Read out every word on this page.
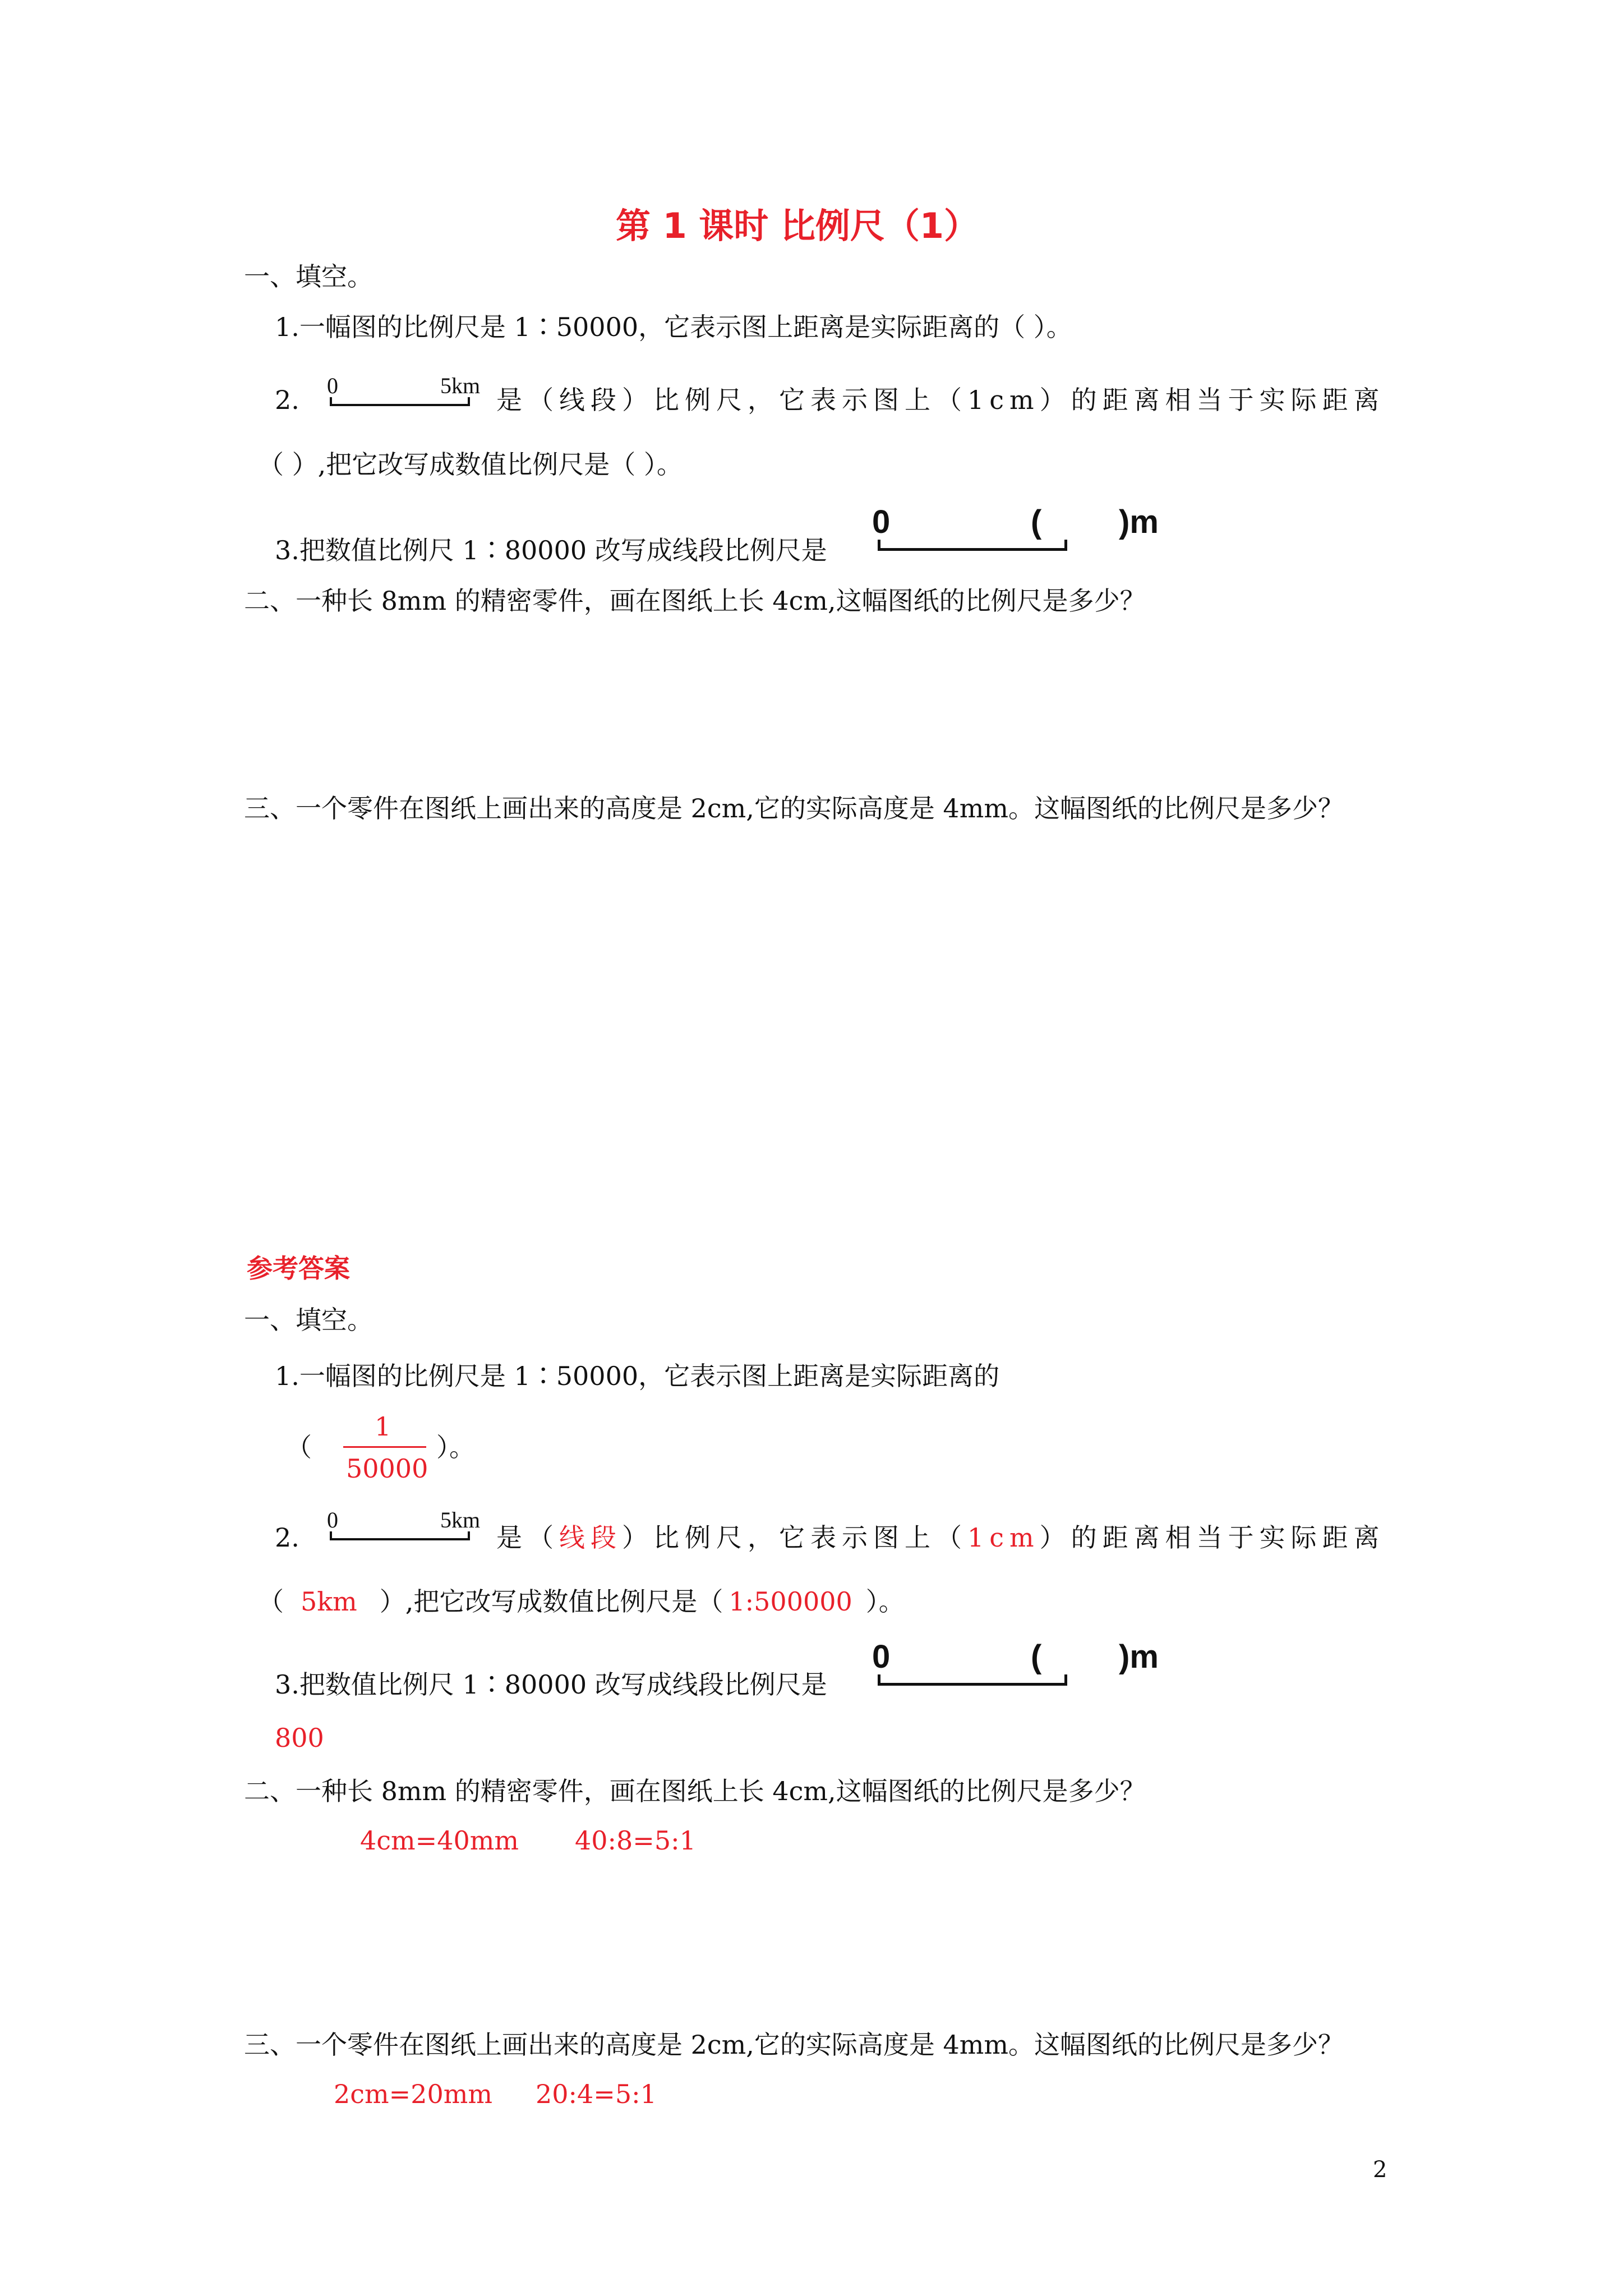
第 1 课时 比例尺（1）
一、填空。
1.一幅图的比例尺是 1∶50000，它表示图上距离是实际距离的（ ）。
2. 0	5km 是（线段）比例尺，它表示图上（1cm）的距离相当于实际距离
（ ）,把它改写成数值比例尺是（ ）。
3.把数值比例尺 1∶80000 改写成线段比例尺是
0	( )m
二、一种长 8mm 的精密零件，画在图纸上长 4cm,这幅图纸的比例尺是多少？
三、一个零件在图纸上画出来的高度是 2cm,它的实际高度是 4mm。这幅图纸的比例尺是多少？
参考答案
一、填空。
1.一幅图的比例尺是 1∶50000，它表示图上距离是实际距离的
（
1
50000
）。
2.
0	5km
是（线段）比例尺，它表示图上（1cm）的距离相当于实际距离
（ 5km ）,把它改写成数值比例尺是（ 1:500000 ）。
3.把数值比例尺 1∶80000 改写成线段比例尺是
0	( )m
800
二、一种长 8mm 的精密零件，画在图纸上长 4cm,这幅图纸的比例尺是多少？
4cm=40mm 40:8=5:1
三、一个零件在图纸上画出来的高度是 2cm,它的实际高度是 4mm。这幅图纸的比例尺是多少？
2cm=20mm 20:4=5:1
2
